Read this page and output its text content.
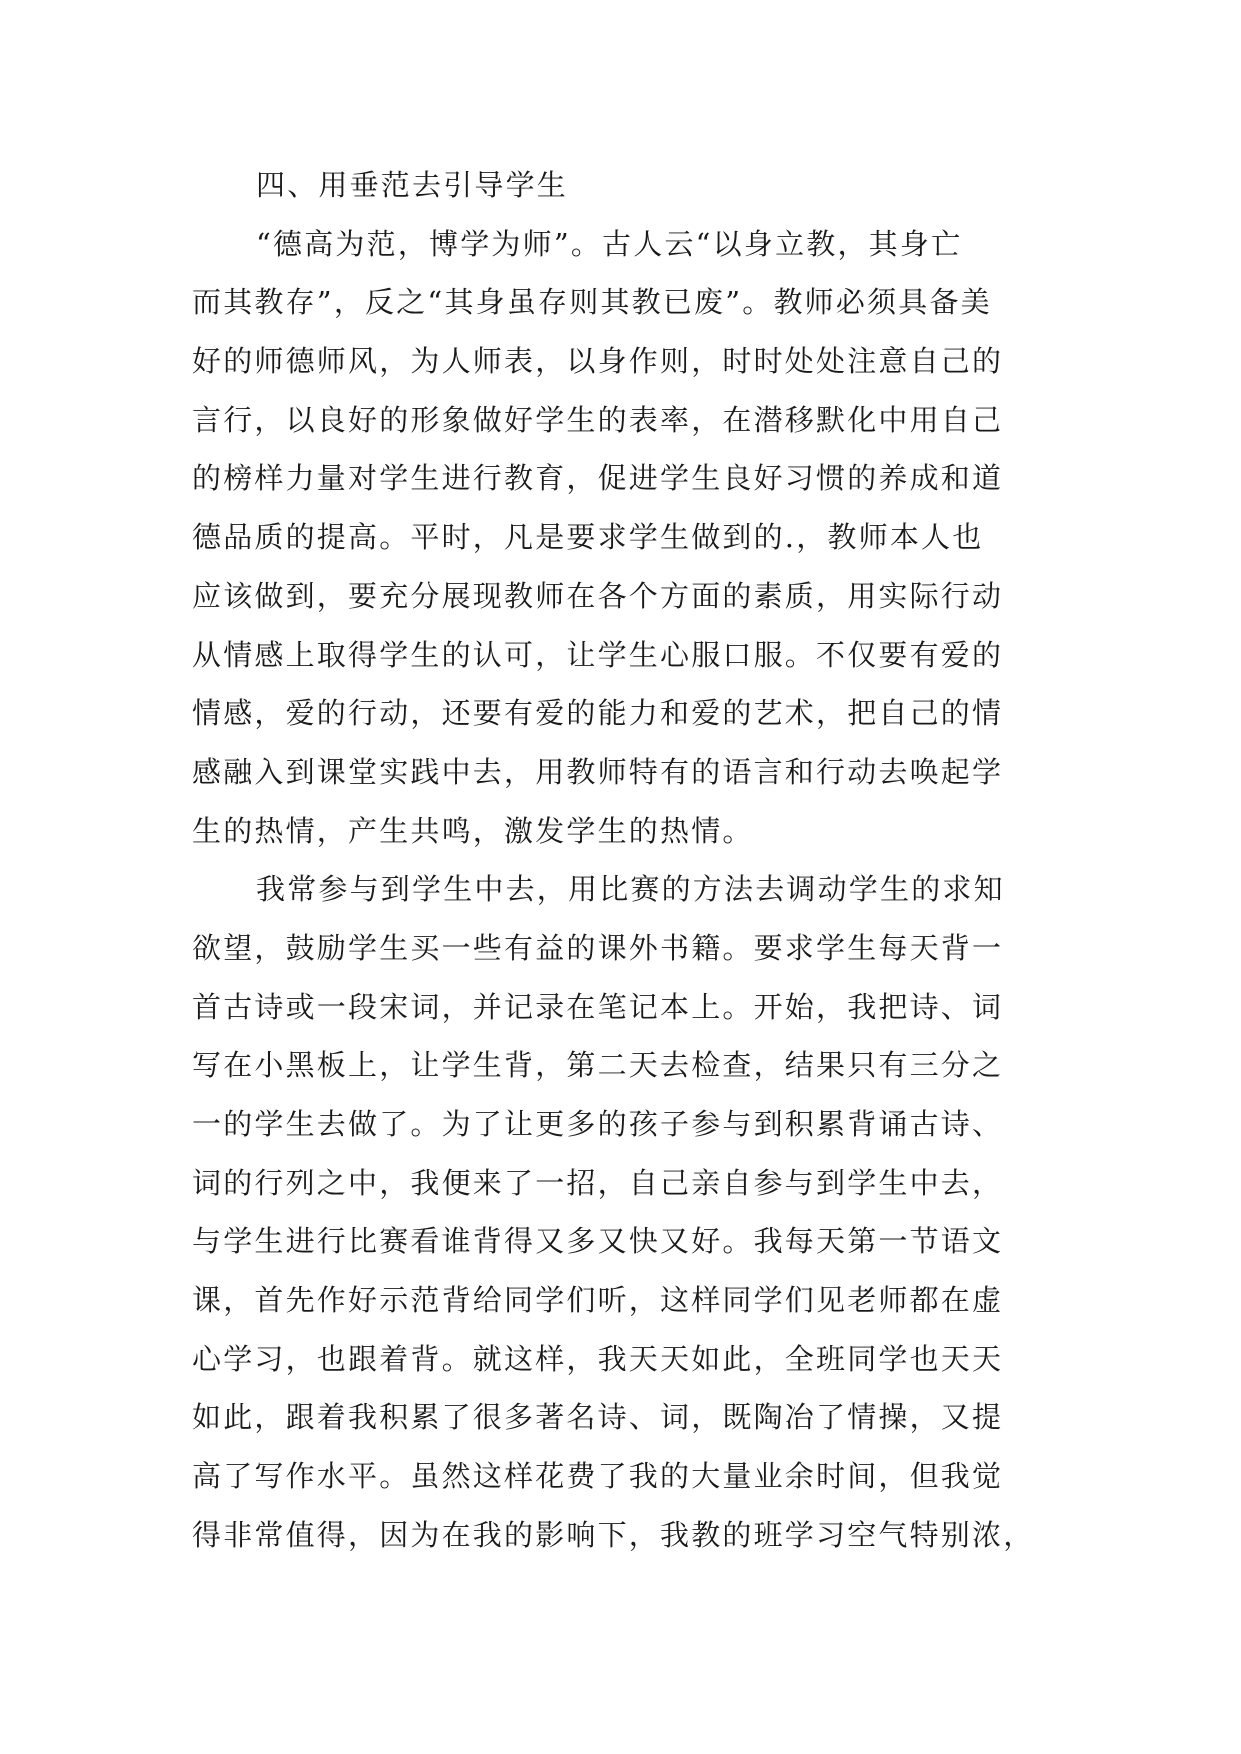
四、用垂范去引导学生
“德高为范，博学为师”。古人云“以身立教，其身亡
而其教存”，反之“其身虽存则其教已废”。教师必须具备美
好的师德师风，为人师表，以身作则，时时处处注意自己的
言行，以良好的形象做好学生的表率，在潜移默化中用自己
的榜样力量对学生进行教育，促进学生良好习惯的养成和道
德品质的提高。平时，凡是要求学生做到的.，教师本人也
应该做到，要充分展现教师在各个方面的素质，用实际行动
从情感上取得学生的认可，让学生心服口服。不仅要有爱的
情感，爱的行动，还要有爱的能力和爱的艺术，把自己的情
感融入到课堂实践中去，用教师特有的语言和行动去唤起学
生的热情，产生共鸣，激发学生的热情。
我常参与到学生中去，用比赛的方法去调动学生的求知
欲望，鼓励学生买一些有益的课外书籍。要求学生每天背一
首古诗或一段宋词，并记录在笔记本上。开始，我把诗、词
写在小黑板上，让学生背，第二天去检查，结果只有三分之
一的学生去做了。为了让更多的孩子参与到积累背诵古诗、
词的行列之中，我便来了一招，自己亲自参与到学生中去，
与学生进行比赛看谁背得又多又快又好。我每天第一节语文
课，首先作好示范背给同学们听，这样同学们见老师都在虚
心学习，也跟着背。就这样，我天天如此，全班同学也天天
如此，跟着我积累了很多著名诗、词，既陶冶了情操，又提
高了写作水平。虽然这样花费了我的大量业余时间，但我觉
得非常值得，因为在我的影响下，我教的班学习空气特别浓，
